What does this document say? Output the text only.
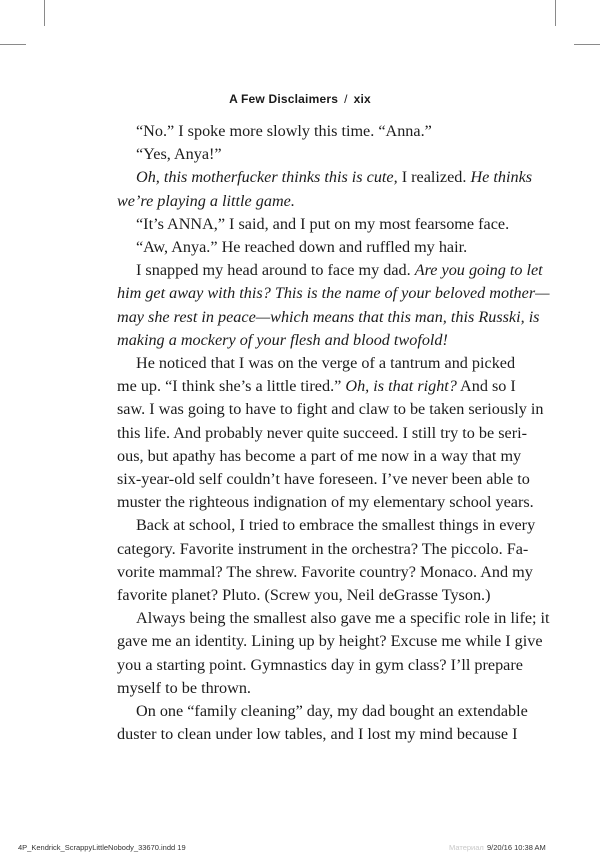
A Few Disclaimers / xix
“No.” I spoke more slowly this time. “Anna.”
“Yes, Anya!”
Oh, this motherfucker thinks this is cute, I realized. He thinks
we’re playing a little game.
“It’s ANNA,” I said, and I put on my most fearsome face.
“Aw, Anya.” He reached down and ruffled my hair.
I snapped my head around to face my dad. Are you going to let
him get away with this? This is the name of your beloved mother—
may she rest in peace—which means that this man, this Russki, is
making a mockery of your flesh and blood twofold!
He noticed that I was on the verge of a tantrum and picked
me up. “I think she’s a little tired.” Oh, is that right? And so I
saw. I was going to have to fight and claw to be taken seriously in
this life. And probably never quite succeed. I still try to be seri-
ous, but apathy has become a part of me now in a way that my
six-year-old self couldn’t have foreseen. I’ve never been able to
muster the righteous indignation of my elementary school years.
Back at school, I tried to embrace the smallest things in every
category. Favorite instrument in the orchestra? The piccolo. Fa-
vorite mammal? The shrew. Favorite country? Monaco. And my
favorite planet? Pluto. (Screw you, Neil deGrasse Tyson.)
Always being the smallest also gave me a specific role in life; it
gave me an identity. Lining up by height? Excuse me while I give
you a starting point. Gymnastics day in gym class? I’ll prepare
myself to be thrown.
On one “family cleaning” day, my dad bought an extendable
duster to clean under low tables, and I lost my mind because I
4P_Kendrick_ScrappyLittleNobody_33670.indd 19	Материал 9/20/16 10:38 AM
